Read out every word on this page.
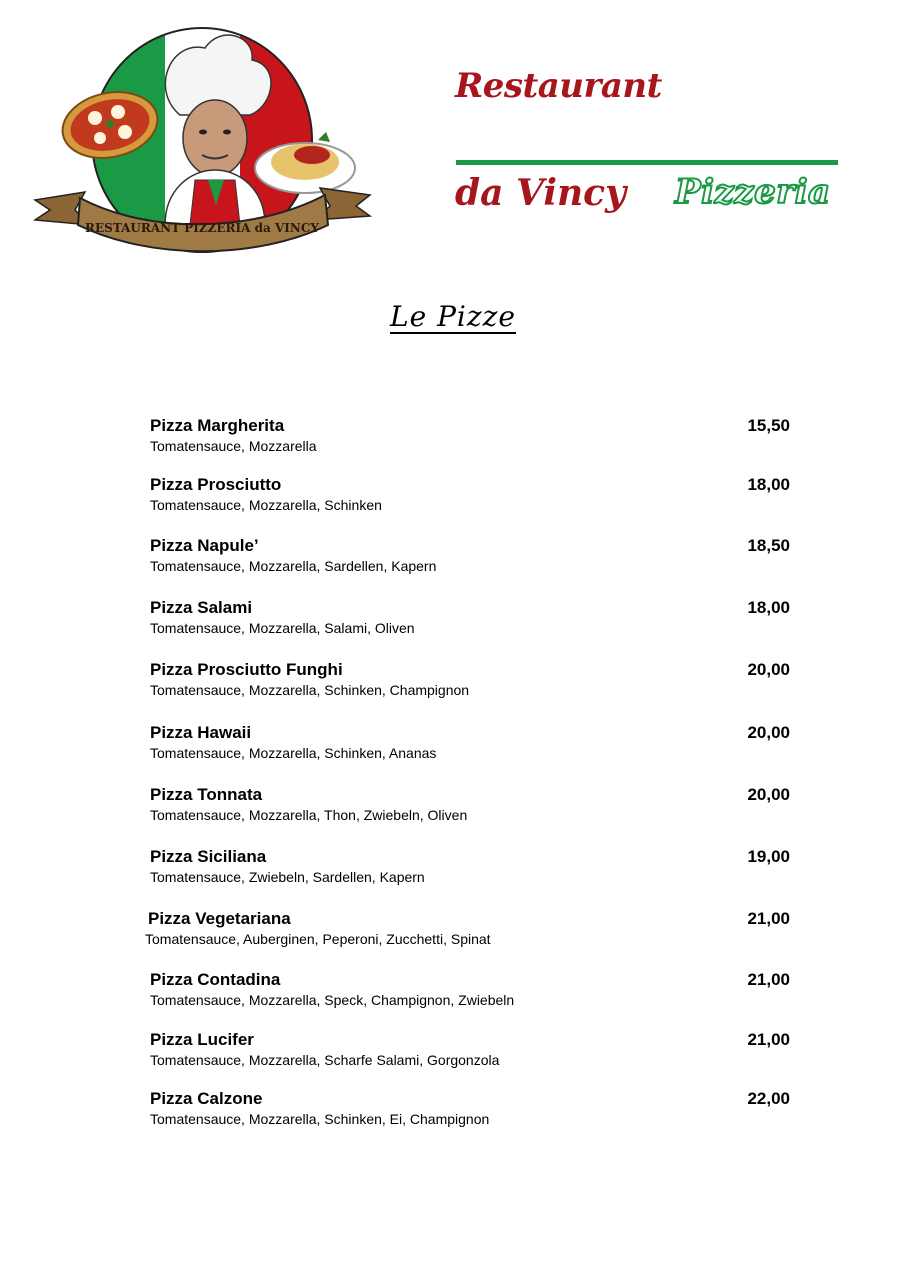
RESTAURANT PIZZERIA da VINCY
Restaurant
da Vincy Pizzeria
Le Pizze
Pizza Margherita
Tomatensauce, Mozzarella
15,50
Pizza Prosciutto
Tomatensauce, Mozzarella, Schinken
18,00
Pizza Napule’
Tomatensauce, Mozzarella, Sardellen, Kapern
18,50
Pizza Salami
Tomatensauce, Mozzarella, Salami, Oliven
18,00
Pizza Prosciutto Funghi
Tomatensauce, Mozzarella, Schinken, Champignon
20,00
Pizza Hawaii
Tomatensauce, Mozzarella, Schinken, Ananas
20,00
Pizza Tonnata
Tomatensauce, Mozzarella, Thon, Zwiebeln, Oliven
20,00
Pizza Siciliana
Tomatensauce, Zwiebeln, Sardellen, Kapern
19,00
Pizza Vegetariana
Tomatensauce, Auberginen, Peperoni, Zucchetti, Spinat
21,00
Pizza Contadina
Tomatensauce, Mozzarella, Speck, Champignon, Zwiebeln
21,00
Pizza Lucifer
Tomatensauce, Mozzarella, Scharfe Salami, Gorgonzola
21,00
Pizza Calzone
Tomatensauce, Mozzarella, Schinken, Ei, Champignon
22,00
